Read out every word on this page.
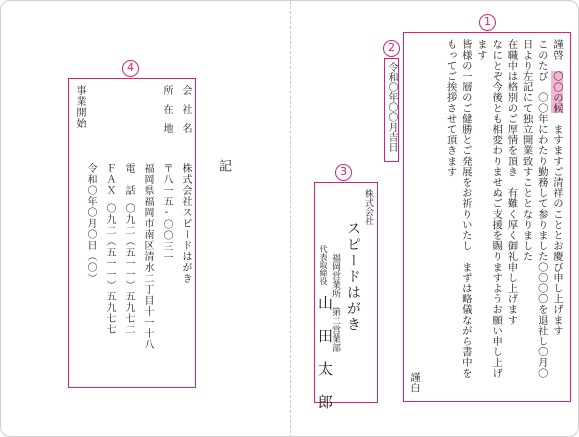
1
謹啓　〇〇の候　ますますご清祥のこととお慶び申し上げます
このたび　〇〇年にわたり勤務して参りました〇〇〇〇を退社し〇月〇
日より左記にて独立開業致すこととなりました
在職中は格別のご厚情を頂き　有難く厚く御礼申し上げます
なにとぞ今後とも相変わりませぬご支援を賜りますようお願い申し上げ
ます
皆様の一層のご健勝とご発展をお祈りいたし　まずは略儀ながら書中を
もってご挨拶させて頂きます
謹白
2
令和〇年〇〇月吉日
3
株式会社
スピードはがき
福岡営業所　第二営業部
代表取締役
山田太郎
記
4
会社名
株式会社スピードはがき
所在地
〒八一五-〇〇三一
福岡県福岡市南区清水二丁目十一十八
電　話
〇九二（五一一）五九七二
ＦＡＸ
〇九二（五一一）五九七七
令和〇年〇月〇日（〇）
事業開始
